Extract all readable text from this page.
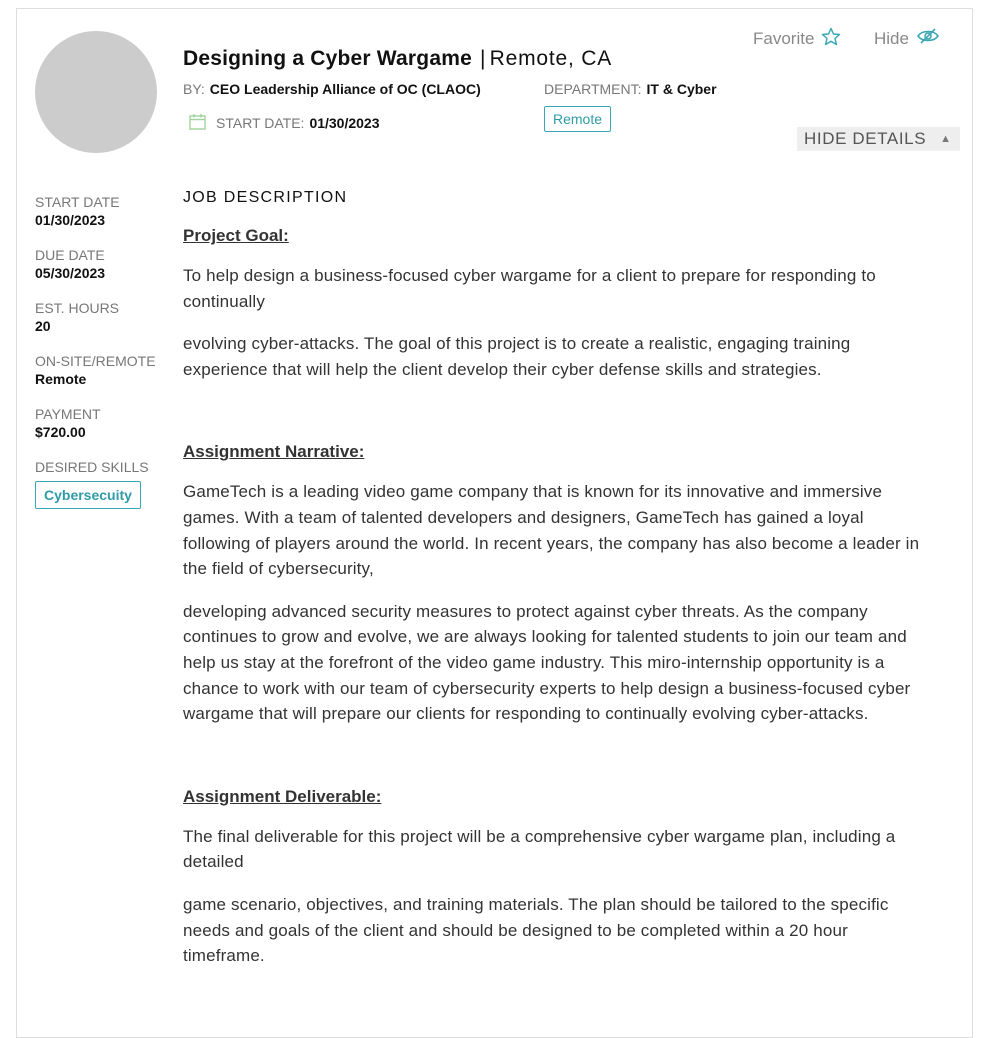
Designing a Cyber Wargame | Remote, CA
BY: CEO Leadership Alliance of OC (CLAOC)	DEPARTMENT: IT & Cyber
Remote
START DATE: 01/30/2023
Favorite	Hide
HIDE DETAILS ▲
START DATE
01/30/2023
DUE DATE
05/30/2023
EST. HOURS
20
ON-SITE/REMOTE
Remote
PAYMENT
$720.00
DESIRED SKILLS
Cybersecuity
JOB DESCRIPTION
Project Goal:

To help design a business-focused cyber wargame for a client to prepare for responding to continually

evolving cyber-attacks. The goal of this project is to create a realistic, engaging training experience that will help the client develop their cyber defense skills and strategies.

Assignment Narrative:

GameTech is a leading video game company that is known for its innovative and immersive games. With a team of talented developers and designers, GameTech has gained a loyal following of players around the world. In recent years, the company has also become a leader in the field of cybersecurity,

developing advanced security measures to protect against cyber threats. As the company continues to grow and evolve, we are always looking for talented students to join our team and help us stay at the forefront of the video game industry. This miro-internship opportunity is a chance to work with our team of cybersecurity experts to help design a business-focused cyber wargame that will prepare our clients for responding to continually evolving cyber-attacks.

Assignment Deliverable:

The final deliverable for this project will be a comprehensive cyber wargame plan, including a detailed

game scenario, objectives, and training materials. The plan should be tailored to the specific needs and goals of the client and should be designed to be completed within a 20 hour timeframe.
